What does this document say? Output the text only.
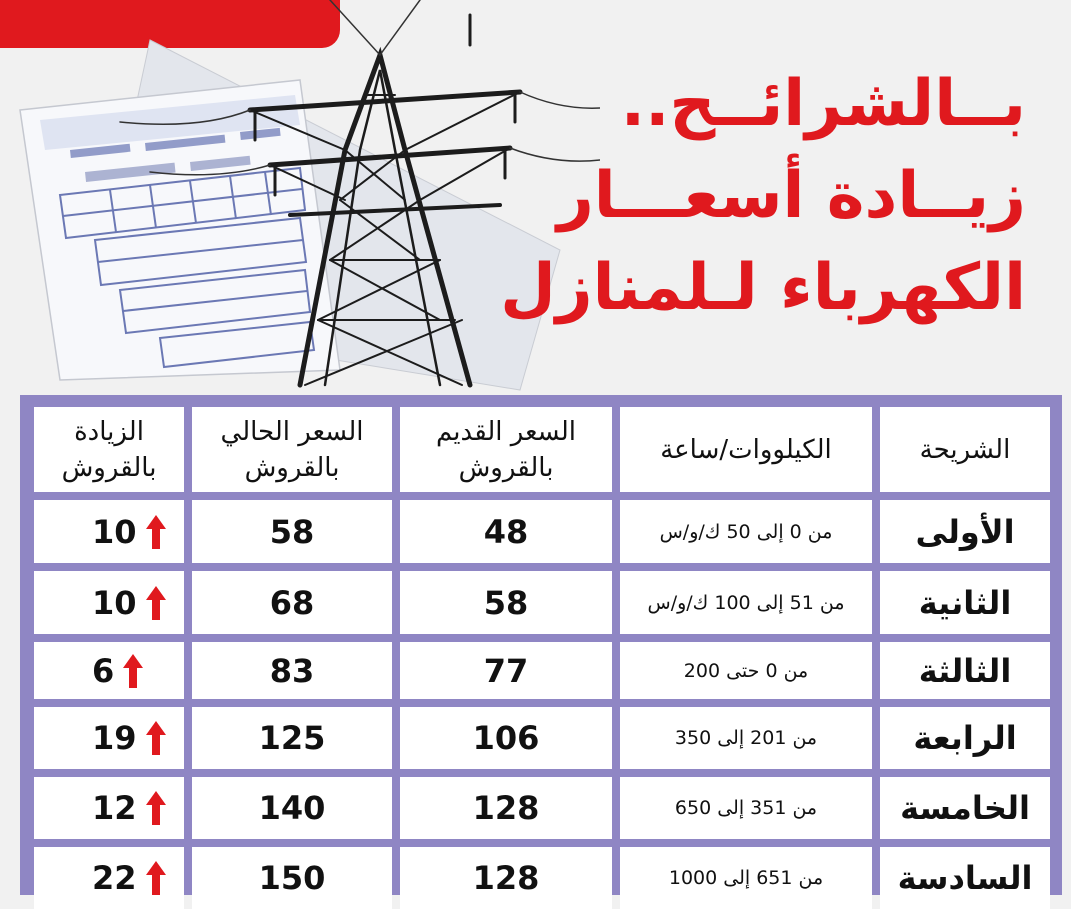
بــالشرائــح..
زيــادة أسعـــار
الكهرباء لـلمنازل
الشريحة
الكيلووات/ساعة
السعر القديم بالقروش
السعر الحالي بالقروش
الزيادة بالقروش
الأولى
من 0 إلى 50 ك/و/س
48
58
10
الثانية
من 51 إلى 100 ك/و/س
58
68
10
الثالثة
من 0 حتى 200
77
83
6
الرابعة
من 201 إلى 350
106
125
19
الخامسة
من 351 إلى 650
128
140
12
السادسة
من 651 إلى 1000
128
150
22
